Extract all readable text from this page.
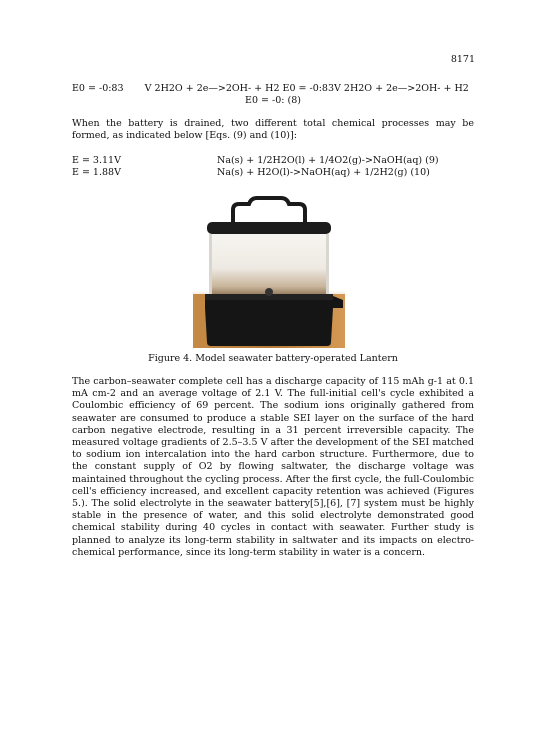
8171
E0 = -0:83       V 2H2O + 2e—>2OH- + H2 E0 = -0:83V 2H2O + 2e—>2OH- + H2
E0 = -0: (8)

When the battery is drained, two different total chemical processes may be formed, as indicated below [Eqs. (9) and (10)]:

E = 3.11V	Na(s) + 1/2H2O(l) + 1/4O2(g)->NaOH(aq) (9)
E = 1.88V	Na(s) + H2O(l)->NaOH(aq) + 1/2H2(g) (10)
Figure 4. Model seawater battery-operated Lantern

The carbon–seawater complete cell has a discharge capacity of 115 mAh g-1 at 0.1 mA cm-2 and an average voltage of 2.1 V. The full-initial cell's cycle exhibited a Coulombic efficiency of 69 percent. The sodium ions originally gathered from seawater are consumed to produce a stable SEI layer on the surface of the hard carbon negative electrode, resulting in a 31 percent irreversible capacity. The measured voltage gradients of 2.5–3.5 V after the development of the SEI matched to sodium ion intercalation into the hard carbon structure. Furthermore, due to the constant supply of O2 by flowing saltwater, the discharge voltage was maintained throughout the cycling process. After the first cycle, the full-Coulombic cell's efficiency increased, and excellent capacity retention was achieved (Figures 5.). The solid electrolyte in the seawater battery[5],[6], [7] system must be highly stable in the presence of water, and this solid electrolyte demonstrated good chemical stability during 40 cycles in contact with seawater. Further study is planned to analyze its long-term stability in saltwater and its impacts on electro-chemical performance, since its long-term stability in water is a concern.
